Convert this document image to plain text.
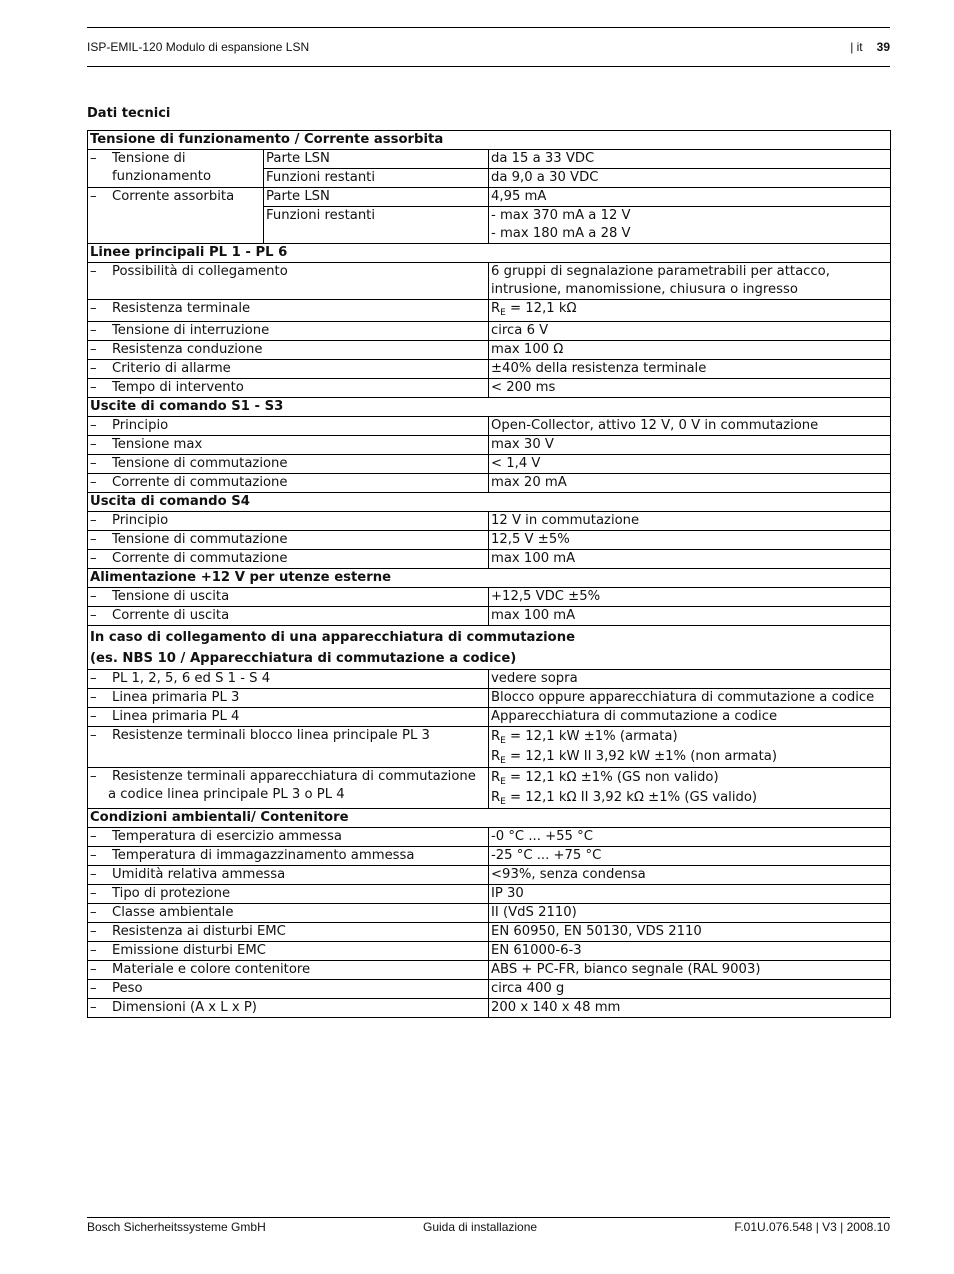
ISP-EMIL-120 Modulo di espansione LSN	| it 39
Dati tecnici
Tensione di funzionamento / Corrente assorbita		
– Tensione di
funzionamento	Parte LSN	da 15 a 33 VDC
	Funzioni restanti	da 9,0 a 30 VDC
– Corrente assorbita	Parte LSN	4,95 mA
	Funzioni restanti	- max 370 mA a 12 V
- max 180 mA a 28 V
Linee principali PL 1 - PL 6		
– Possibilità di collegamento		6 gruppi di segnalazione parametrabili per attacco,
intrusione, manomissione, chiusura o ingresso
– Resistenza terminale		$R_E = 12,1$ kΩ
– Tensione di interruzione		circa 6 V
– Resistenza conduzione		max 100 Ω
– Criterio di allarme		±40% della resistenza terminale
– Tempo di intervento		< 200 ms
Uscite di comando S1 - S3		
– Principio		Open-Collector, attivo 12 V, 0 V in commutazione
– Tensione max		max 30 V
– Tensione di commutazione		< 1,4 V
– Corrente di commutazione		max 20 mA
Uscita di comando S4		
– Principio		12 V in commutazione
– Tensione di commutazione		12,5 V ±5%
– Corrente di commutazione		max 100 mA
Alimentazione +12 V per utenze esterne		
– Tensione di uscita		+12,5 VDC ±5%
– Corrente di uscita		max 100 mA
In caso di collegamento di una apparecchiatura di commutazione
(es. NBS 10 / Apparecchiatura di commutazione a codice)		
– PL 1, 2, 5, 6 ed S 1 - S 4		vedere sopra
– Linea primaria PL 3		Blocco oppure apparecchiatura di commutazione a codice
– Linea primaria PL 4		Apparecchiatura di commutazione a codice
– Resistenze terminali blocco linea principale PL 3		$R_E = 12,1$ kW ±1% (armata)
$R_E = 12,1$ kW II 3,92 kW ±1% (non armata)
– Resistenze terminali apparecchiatura di commutazione
a codice linea principale PL 3 o PL 4		$R_E = 12,1$ kΩ ±1% (GS non valido)
$R_E = 12,1$ kΩ II 3,92 kΩ ±1% (GS valido)
Condizioni ambientali/ Contenitore		
– Temperatura di esercizio ammessa		-0 °C ... +55 °C
– Temperatura di immagazzinamento ammessa		-25 °C ... +75 °C
– Umidità relativa ammessa		<93%, senza condensa
– Tipo di protezione		IP 30
– Classe ambientale		II (VdS 2110)
– Resistenza ai disturbi EMC		EN 60950, EN 50130, VDS 2110
– Emissione disturbi EMC		EN 61000-6-3
– Materiale e colore contenitore		ABS + PC-FR, bianco segnale (RAL 9003)
– Peso		circa 400 g
– Dimensioni (A x L x P)		200 x 140 x 48 mm
Bosch Sicherheitssysteme GmbH	Guida di installazione	F.01U.076.548 | V3 | 2008.10
